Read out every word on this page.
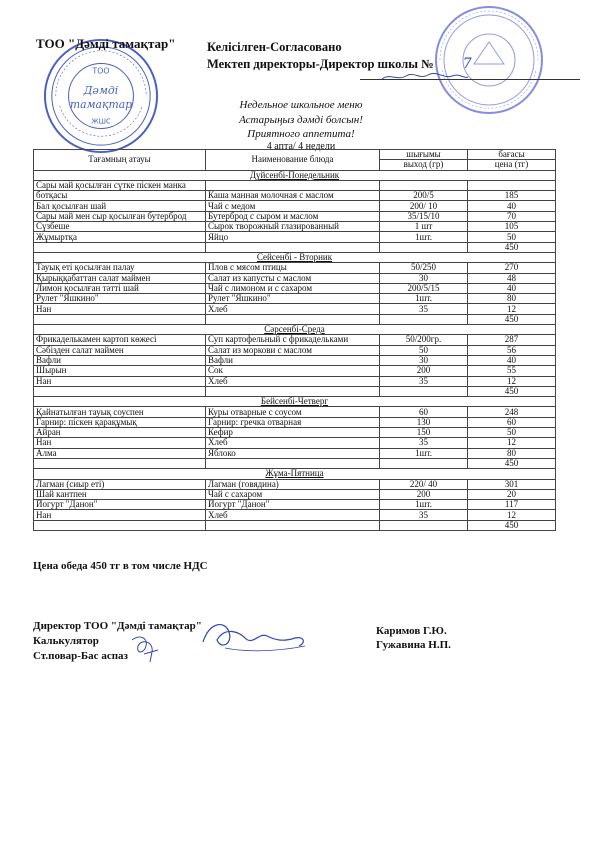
ТОО
Дәмді
тамақтар
ЖШС
ТОО "Дәмді тамақтар"	Келісілген-Согласовано
Мектеп директоры-Директор школы № 7
Недельное школьное меню
Астарыңыз дәмді болсын!
Приятного аппетита!
4 апта/ 4 недели
Тағамның атауы	Наименование блюда	шығымы	бағасы
		выход (гр)	цена (тг)
Дүйсенбі-Понедельник			
Сары май қосылған сүтке піскен манка			
ботқасы	Каша манная молочная с маслом	200/5	185
Бал қосылған шай	Чай с медом	200/ 10	40
Сары май мен сыр қосылған бутерброд	Бутерброд с сыром и маслом	35/15/10	70
Сүзбеше	Сырок творожный глазированный	1 шт	105
Жұмыртқа	Яйцо	1шт.	50
			450
Сейсенбі - Вторник			
Тауық еті қосылған палау	Плов с мясом птицы	50/250	270
Қырыққабаттан салат маймен	Салат из капусты с маслом	30	48
Лимон қосылған тәтті шай	Чай с лимоном и с сахаром	200/5/15	40
Рулет "Яшкино"	Рулет "Яшкино"	1шт.	80
Нан	Хлеб	35	12
			450
Сәрсенбі-Среда			
Фрикаделькамен картоп көжесі	Суп картофельный с фрикадельками	50/200гр.	287
Сәбізден салат маймен	Салат из моркови с маслом	50	56
Вафли	Вафли	30	40
Шырын	Сок	200	55
Нан	Хлеб	35	12
			450
Бейсенбі-Четверг			
Қайнатылған тауық соуспен	Куры отварные с соусом	60	248
Гарнир: піскен қарақұмық	Гарнир: гречка отварная	130	60
Айран	Кефир	150	50
Нан	Хлеб	35	12
Алма	Яблоко	1шт.	80
			450
Жұма-Пятница			
Лагман (сиыр еті)	Лагман (говядина)	220/ 40	301
Шай кантпен	Чай с сахаром	200	20
Йогурт "Данон"	Йогурт "Данон"	1шт.	117
Нан	Хлеб	35	12
			450
Цена обеда 450 тг в том числе НДС
Директор ТОО "Дәмді тамақтар"
Калькулятор
Ст.повар-Бас аспаз
Каримов Г.Ю.
Гужавина Н.П.
